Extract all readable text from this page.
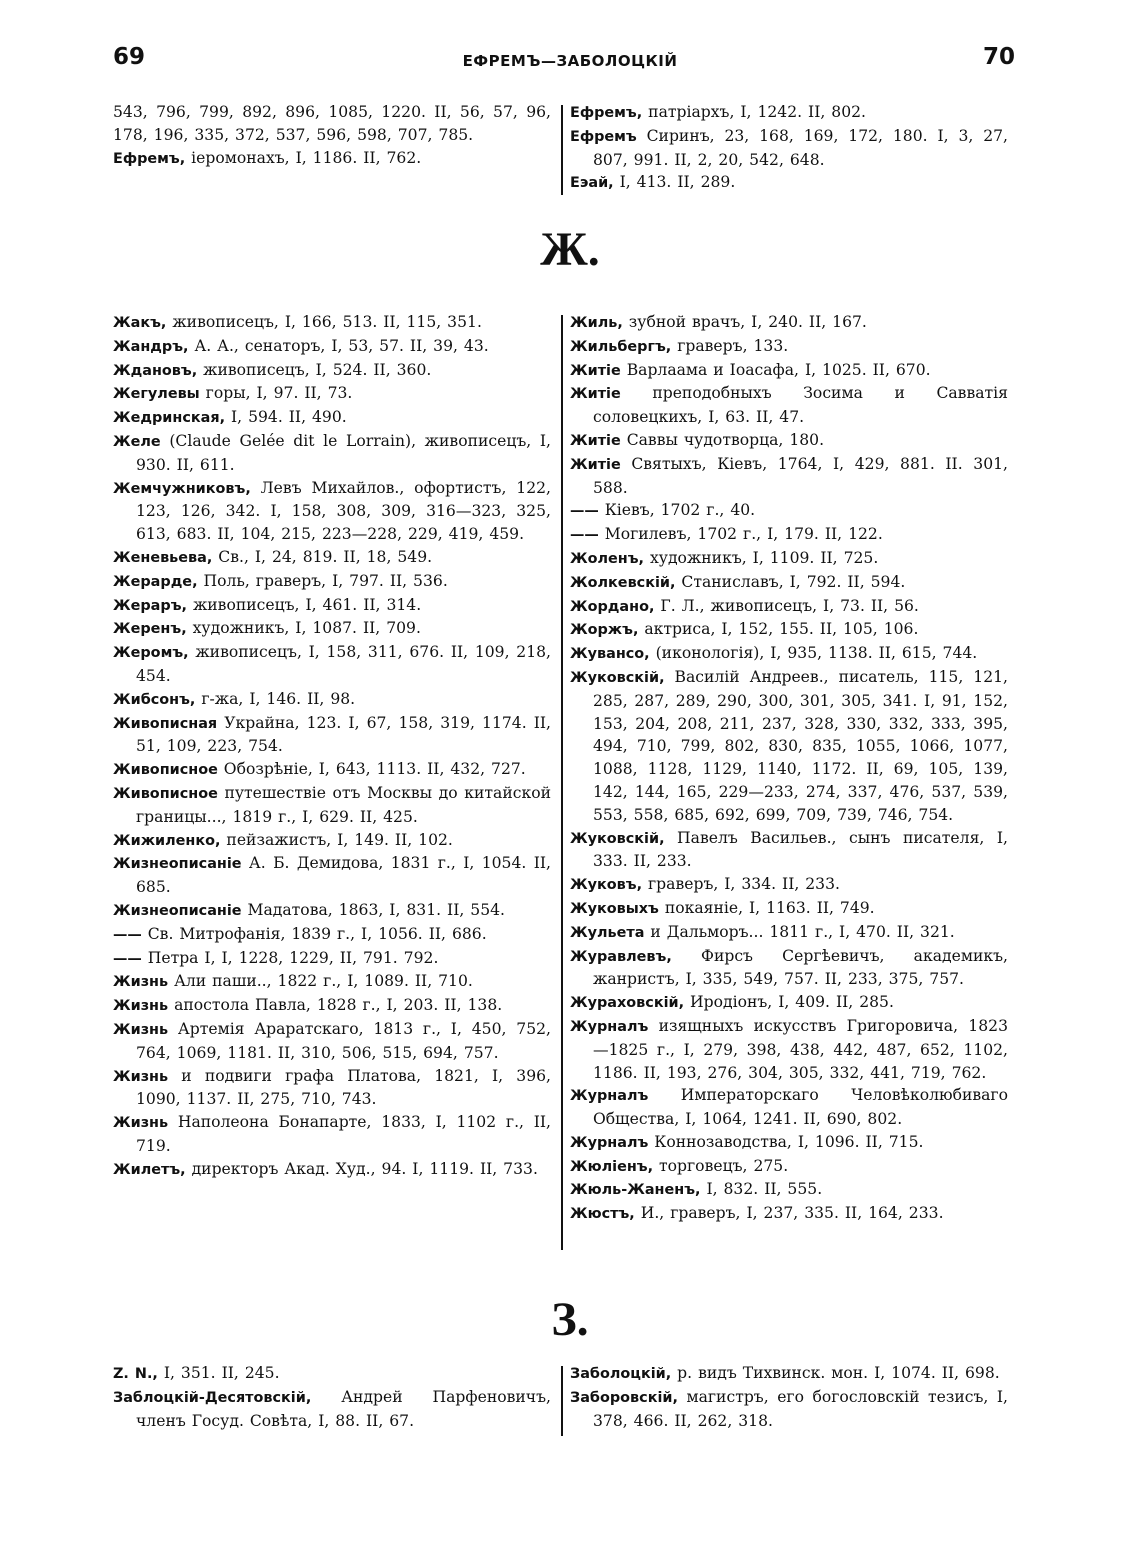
69	ЕФРЕМЪ—ЗАБОЛОЦКІЙ	70
543, 796, 799, 892, 896, 1085, 1220. II, 56, 57, 96, 178, 196, 335, 372, 537, 596, 598, 707, 785.
Ефремъ, іеромонахъ, I, 1186. II, 762.
Ефремъ, патріархъ, I, 1242. II, 802.
Ефремъ Сиринъ, 23, 168, 169, 172, 180. I, 3, 27, 807, 991. II, 2, 20, 542, 648.
Еэай, I, 413. II, 289.
Ж.
Жакъ, живописецъ, I, 166, 513. II, 115, 351.
Жандръ, А. А., сенаторъ, I, 53, 57. II, 39, 43.
Ждановъ, живописецъ, I, 524. II, 360.
Жегулевы горы, I, 97. II, 73.
Жедринская, I, 594. II, 490.
Желе (Claude Gelée dit le Lorrain), живописецъ, I, 930. II, 611.
Жемчужниковъ, Левъ Михайлов., офортистъ, 122, 123, 126, 342. I, 158, 308, 309, 316—323, 325, 613, 683. II, 104, 215, 223—228, 229, 419, 459.
Женевьева, Св., I, 24, 819. II, 18, 549.
Жерарде, Поль, граверъ, I, 797. II, 536.
Жераръ, живописецъ, I, 461. II, 314.
Жеренъ, художникъ, I, 1087. II, 709.
Жеромъ, живописецъ, I, 158, 311, 676. II, 109, 218, 454.
Жибсонъ, г-жа, I, 146. II, 98.
Живописная Украйна, 123. I, 67, 158, 319, 1174. II, 51, 109, 223, 754.
Живописное Обозрѣніе, I, 643, 1113. II, 432, 727.
Живописное путешествіе отъ Москвы до китайской границы..., 1819 г., I, 629. II, 425.
Жижиленко, пейзажистъ, I, 149. II, 102.
Жизнеописаніе А. Б. Демидова, 1831 г., I, 1054. II, 685.
Жизнеописаніе Мадатова, 1863, I, 831. II, 554.
—— Св. Митрофанія, 1839 г., I, 1056. II, 686.
—— Петра I, I, 1228, 1229, II, 791. 792.
Жизнь Али паши.., 1822 г., I, 1089. II, 710.
Жизнь апостола Павла, 1828 г., I, 203. II, 138.
Жизнь Артемія Араратскаго, 1813 г., I, 450, 752, 764, 1069, 1181. II, 310, 506, 515, 694, 757.
Жизнь и подвиги графа Платова, 1821, I, 396, 1090, 1137. II, 275, 710, 743.
Жизнь Наполеона Бонапарте, 1833, I, 1102 г., II, 719.
Жилетъ, директоръ Акад. Худ., 94. I, 1119. II, 733.
Жиль, зубной врачъ, I, 240. II, 167.
Жильбергъ, граверъ, 133.
Житіе Варлаама и Іоасафа, I, 1025. II, 670.
Житіе преподобныхъ Зосима и Савватія соловецкихъ, I, 63. II, 47.
Житіе Саввы чудотворца, 180.
Житіе Святыхъ, Кіевъ, 1764, I, 429, 881. II. 301, 588.
—— Кіевъ, 1702 г., 40.
—— Могилевъ, 1702 г., I, 179. II, 122.
Жоленъ, художникъ, I, 1109. II, 725.
Жолкевскій, Станиславъ, I, 792. II, 594.
Жордано, Г. Л., живописецъ, I, 73. II, 56.
Жоржъ, актриса, I, 152, 155. II, 105, 106.
Жувансо, (иконологія), I, 935, 1138. II, 615, 744.
Жуковскій, Василій Андреев., писатель, 115, 121, 285, 287, 289, 290, 300, 301, 305, 341. I, 91, 152, 153, 204, 208, 211, 237, 328, 330, 332, 333, 395, 494, 710, 799, 802, 830, 835, 1055, 1066, 1077, 1088, 1128, 1129, 1140, 1172. II, 69, 105, 139, 142, 144, 165, 229—233, 274, 337, 476, 537, 539, 553, 558, 685, 692, 699, 709, 739, 746, 754.
Жуковскій, Павелъ Васильев., сынъ писателя, I, 333. II, 233.
Жуковъ, граверъ, I, 334. II, 233.
Жуковыхъ покаяніе, I, 1163. II, 749.
Жульета и Дальморъ... 1811 г., I, 470. II, 321.
Журавлевъ, Фирсъ Сергѣевичъ, академикъ, жанристъ, I, 335, 549, 757. II, 233, 375, 757.
Жураховскій, Иродіонъ, I, 409. II, 285.
Журналъ изящныхъ искусствъ Григоровича, 1823 —1825 г., I, 279, 398, 438, 442, 487, 652, 1102, 1186. II, 193, 276, 304, 305, 332, 441, 719, 762.
Журналъ Императорскаго Человѣколюбиваго Общества, I, 1064, 1241. II, 690, 802.
Журналъ Коннозаводства, I, 1096. II, 715.
Жюліенъ, торговецъ, 275.
Жюль-Жаненъ, I, 832. II, 555.
Жюстъ, И., граверъ, I, 237, 335. II, 164, 233.
З.
Z. N., I, 351. II, 245.
Заблоцкій-Десятовскій, Андрей Парфеновичъ, членъ Госуд. Совѣта, I, 88. II, 67.
Заболоцкій, р. видъ Тихвинск. мон. I, 1074. II, 698.
Заборовскій, магистръ, его богословскій тезисъ, I, 378, 466. II, 262, 318.
